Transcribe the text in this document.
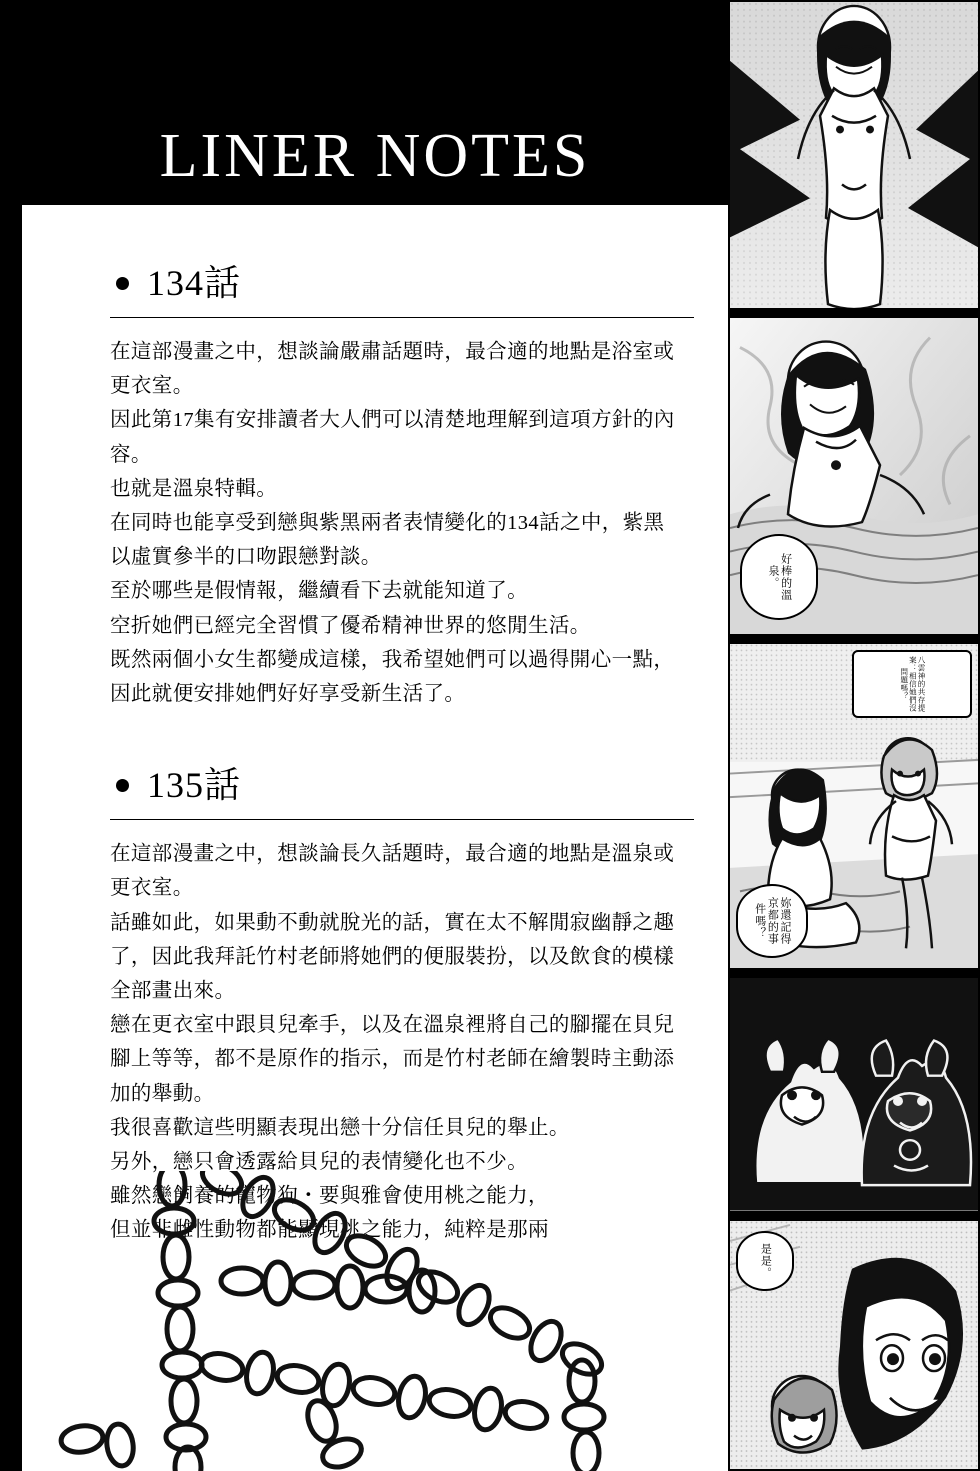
LINER NOTES
134話

在這部漫畫之中，想談論嚴肅話題時，最合適的地點是浴室或

更衣室。

因此第17集有安排讀者大人們可以清楚地理解到這項方針的內

容。

也就是溫泉特輯。

在同時也能享受到戀與紫黑兩者表情變化的134話之中，紫黑

以虛實參半的口吻跟戀對談。

至於哪些是假情報，繼續看下去就能知道了。

空折她們已經完全習慣了優希精神世界的悠閒生活。

既然兩個小女生都變成這樣，我希望她們可以過得開心一點，

因此就便安排她們好好享受新生活了。

135話

在這部漫畫之中，想談論長久話題時，最合適的地點是溫泉或

更衣室。

話雖如此，如果動不動就脫光的話，實在太不解閒寂幽靜之趣

了，因此我拜託竹村老師將她們的便服裝扮，以及飲食的模樣

全部畫出來。

戀在更衣室中跟貝兒牽手，以及在溫泉裡將自己的腳擺在貝兒

腳上等等，都不是原作的指示，而是竹村老師在繪製時主動添

加的舉動。

我很喜歡這些明顯表現出戀十分信任貝兒的舉止。

另外，戀只會透露給貝兒的表情變化也不少。

雖然戀飼養的寵物狗・要與雅會使用桃之能力，

但並非雌性動物都能顯現桃之能力，純粹是那兩

好棒的溫泉。
八雲神的共存提案：相信她們沒問題嗎？
妳還記得京都的事件嗎？
是是。
